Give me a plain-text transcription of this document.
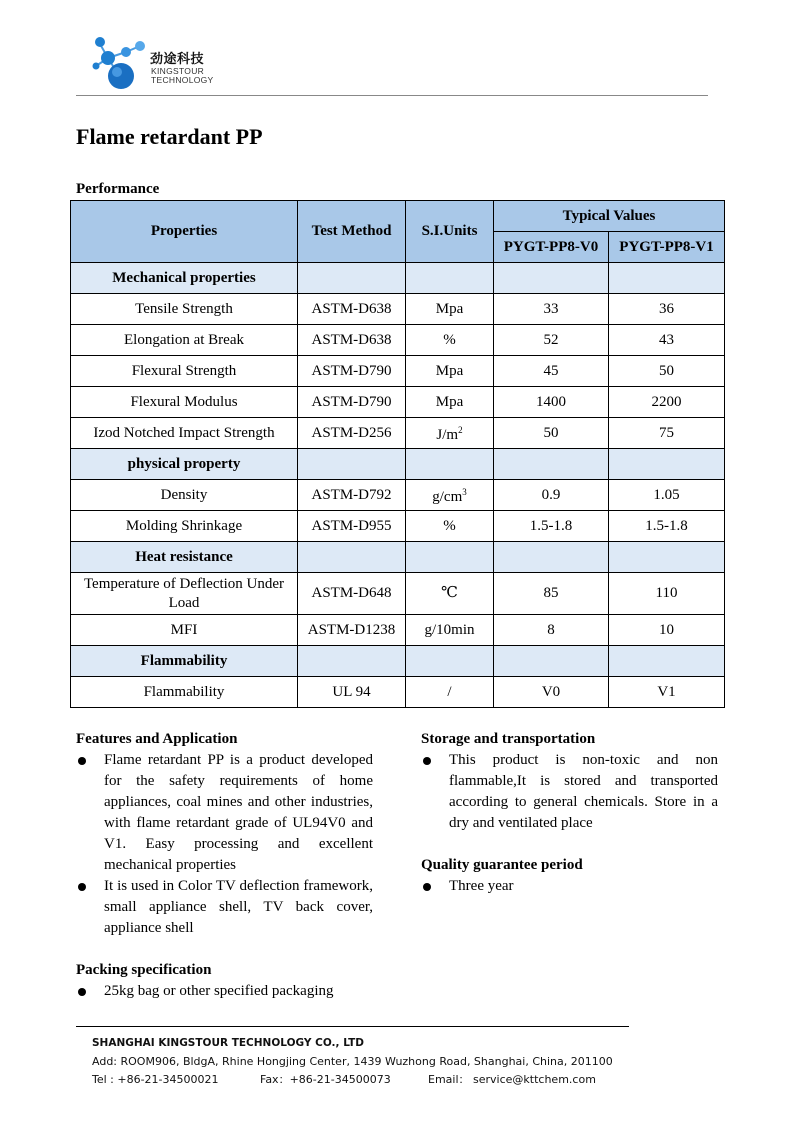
劲途科技
KINGSTOUR
TECHNOLOGY
Flame retardant PP
Performance
Properties	Test Method	S.I.Units	Typical Values	
			PYGT-PP8-V0	PYGT-PP8-V1
Mechanical properties				
Tensile Strength	ASTM-D638	Mpa	33	36
Elongation at Break	ASTM-D638	%	52	43
Flexural Strength	ASTM-D790	Mpa	45	50
Flexural Modulus	ASTM-D790	Mpa	1400	2200
Izod Notched Impact Strength	ASTM-D256	$J/m^2$	50	75
physical property				
Density	ASTM-D792	$g/cm^3$	0.9	1.05
Molding Shrinkage	ASTM-D955	%	1.5-1.8	1.5-1.8
Heat resistance				
Temperature of Deflection Under Load	ASTM-D648	℃	85	110
MFI	ASTM-D1238	g/10min	8	10
Flammability				
Flammability	UL 94	/	V0	V1
Features and Application
Flame retardant PP is a product developed for the safety requirements of home appliances, coal mines and other industries, with flame retardant grade of UL94V0 and V1. Easy processing and excellent mechanical properties
It is used in Color TV deflection framework, small appliance shell, TV back cover, appliance shell
Packing specification
25kg bag or other specified packaging
Storage and transportation
This product is non-toxic and non flammable,It is stored and transported according to general chemicals. Store in a dry and ventilated place
Quality guarantee period
Three year
SHANGHAI KINGSTOUR TECHNOLOGY CO., LTD
Add: ROOM906, BldgA, Rhine Hongjing Center, 1439 Wuzhong Road, Shanghai, China, 201100
Tel : +86-21-34500021	Fax：+86-21-34500073	Email： service@kttchem.com
